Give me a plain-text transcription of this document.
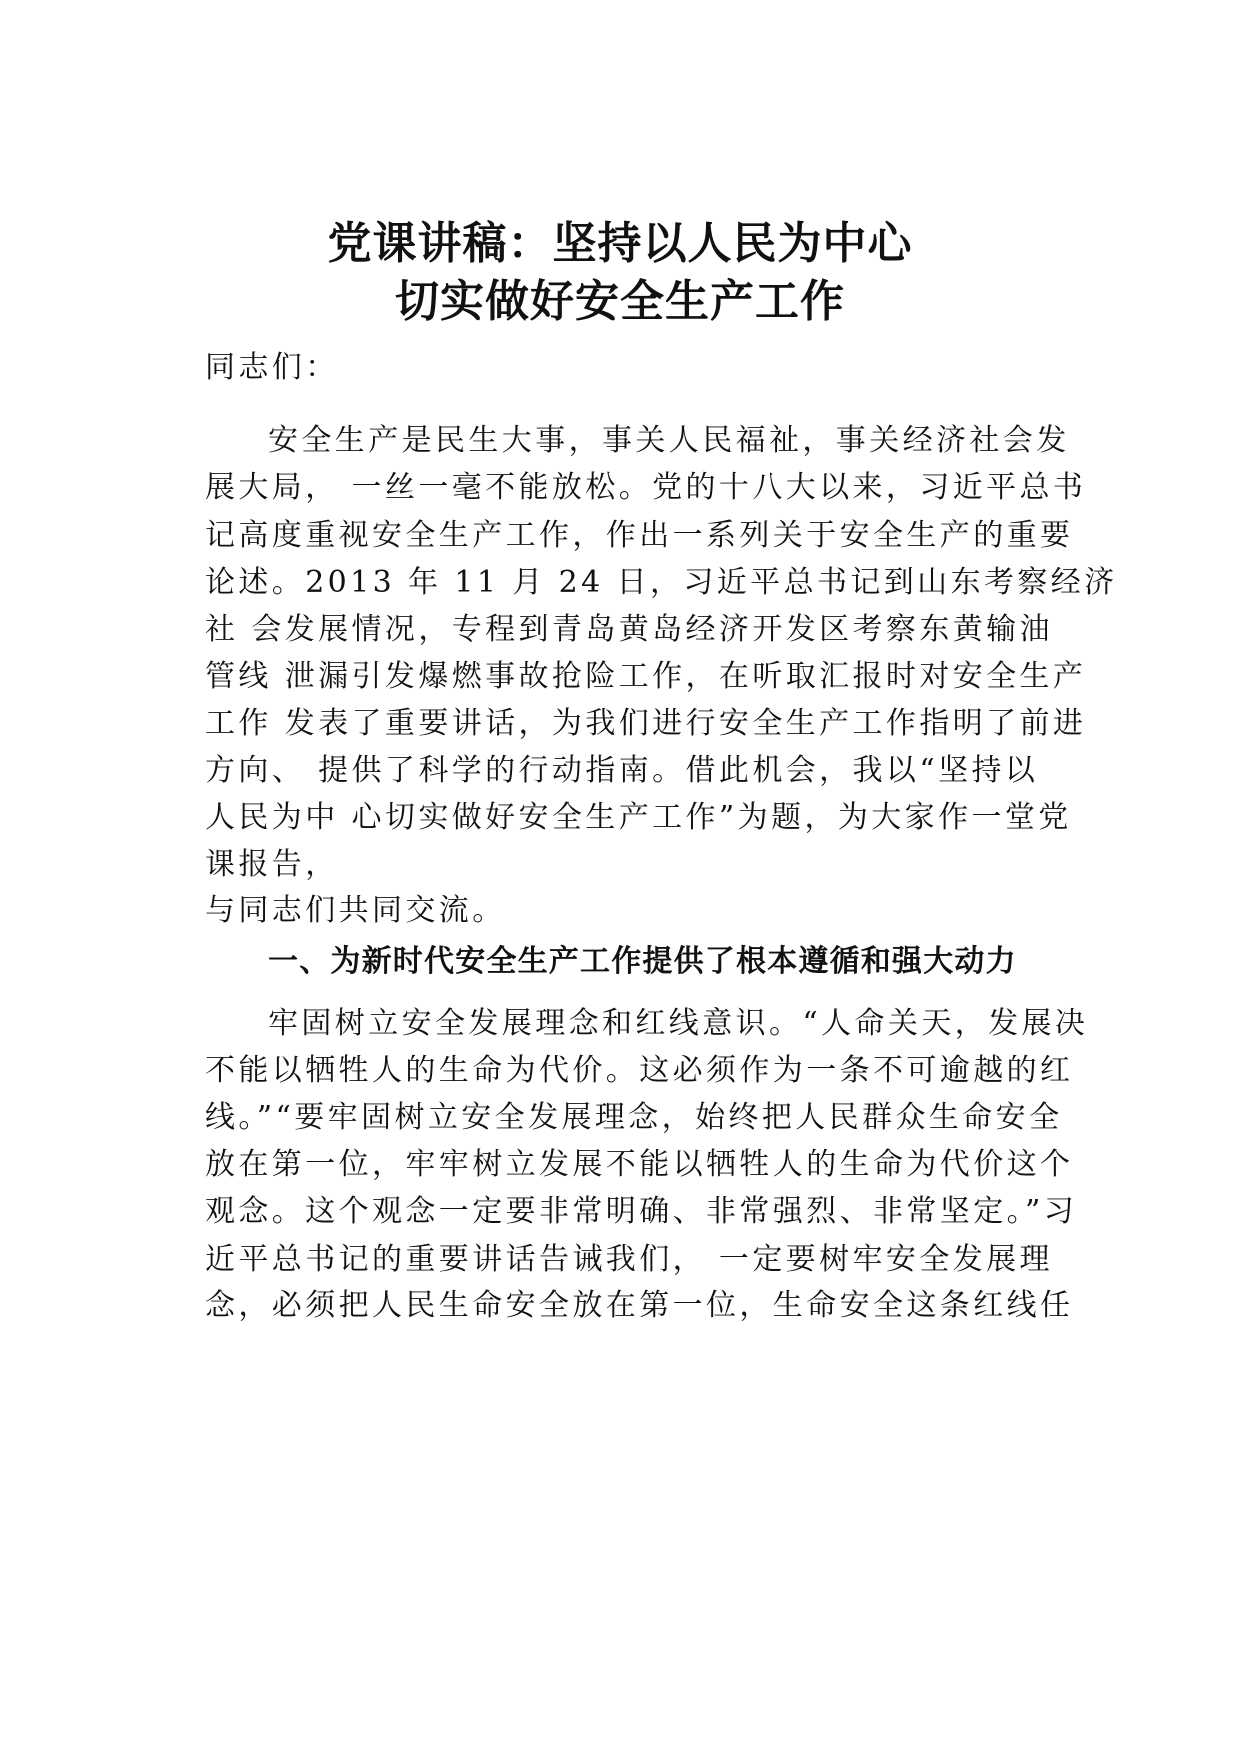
党课讲稿：坚持以人民为中心
切实做好安全生产工作

同志们：

安全生产是民生大事，事关人民福祉，事关经济社会发

展大局， 一丝一毫不能放松。党的十八大以来，习近平总书

记高度重视安全生产工作，作出一系列关于安全生产的重要

论述。2013 年 11 月 24 日，习近平总书记到山东考察经济

社 会发展情况，专程到青岛黄岛经济开发区考察东黄输油

管线 泄漏引发爆燃事故抢险工作，在听取汇报时对安全生产

工作 发表了重要讲话，为我们进行安全生产工作指明了前进

方向、 提供了科学的行动指南。借此机会，我以“坚持以

人民为中 心切实做好安全生产工作”为题，为大家作一堂党

课报告，

与同志们共同交流。

一、为新时代安全生产工作提供了根本遵循和强大动力

牢固树立安全发展理念和红线意识。“人命关天，发展决

不能以牺牲人的生命为代价。这必须作为一条不可逾越的红

线。”“要牢固树立安全发展理念，始终把人民群众生命安全

放在第一位，牢牢树立发展不能以牺牲人的生命为代价这个

观念。这个观念一定要非常明确、非常强烈、非常坚定。”习

近平总书记的重要讲话告诫我们， 一定要树牢安全发展理

念，必须把人民生命安全放在第一位，生命安全这条红线任
